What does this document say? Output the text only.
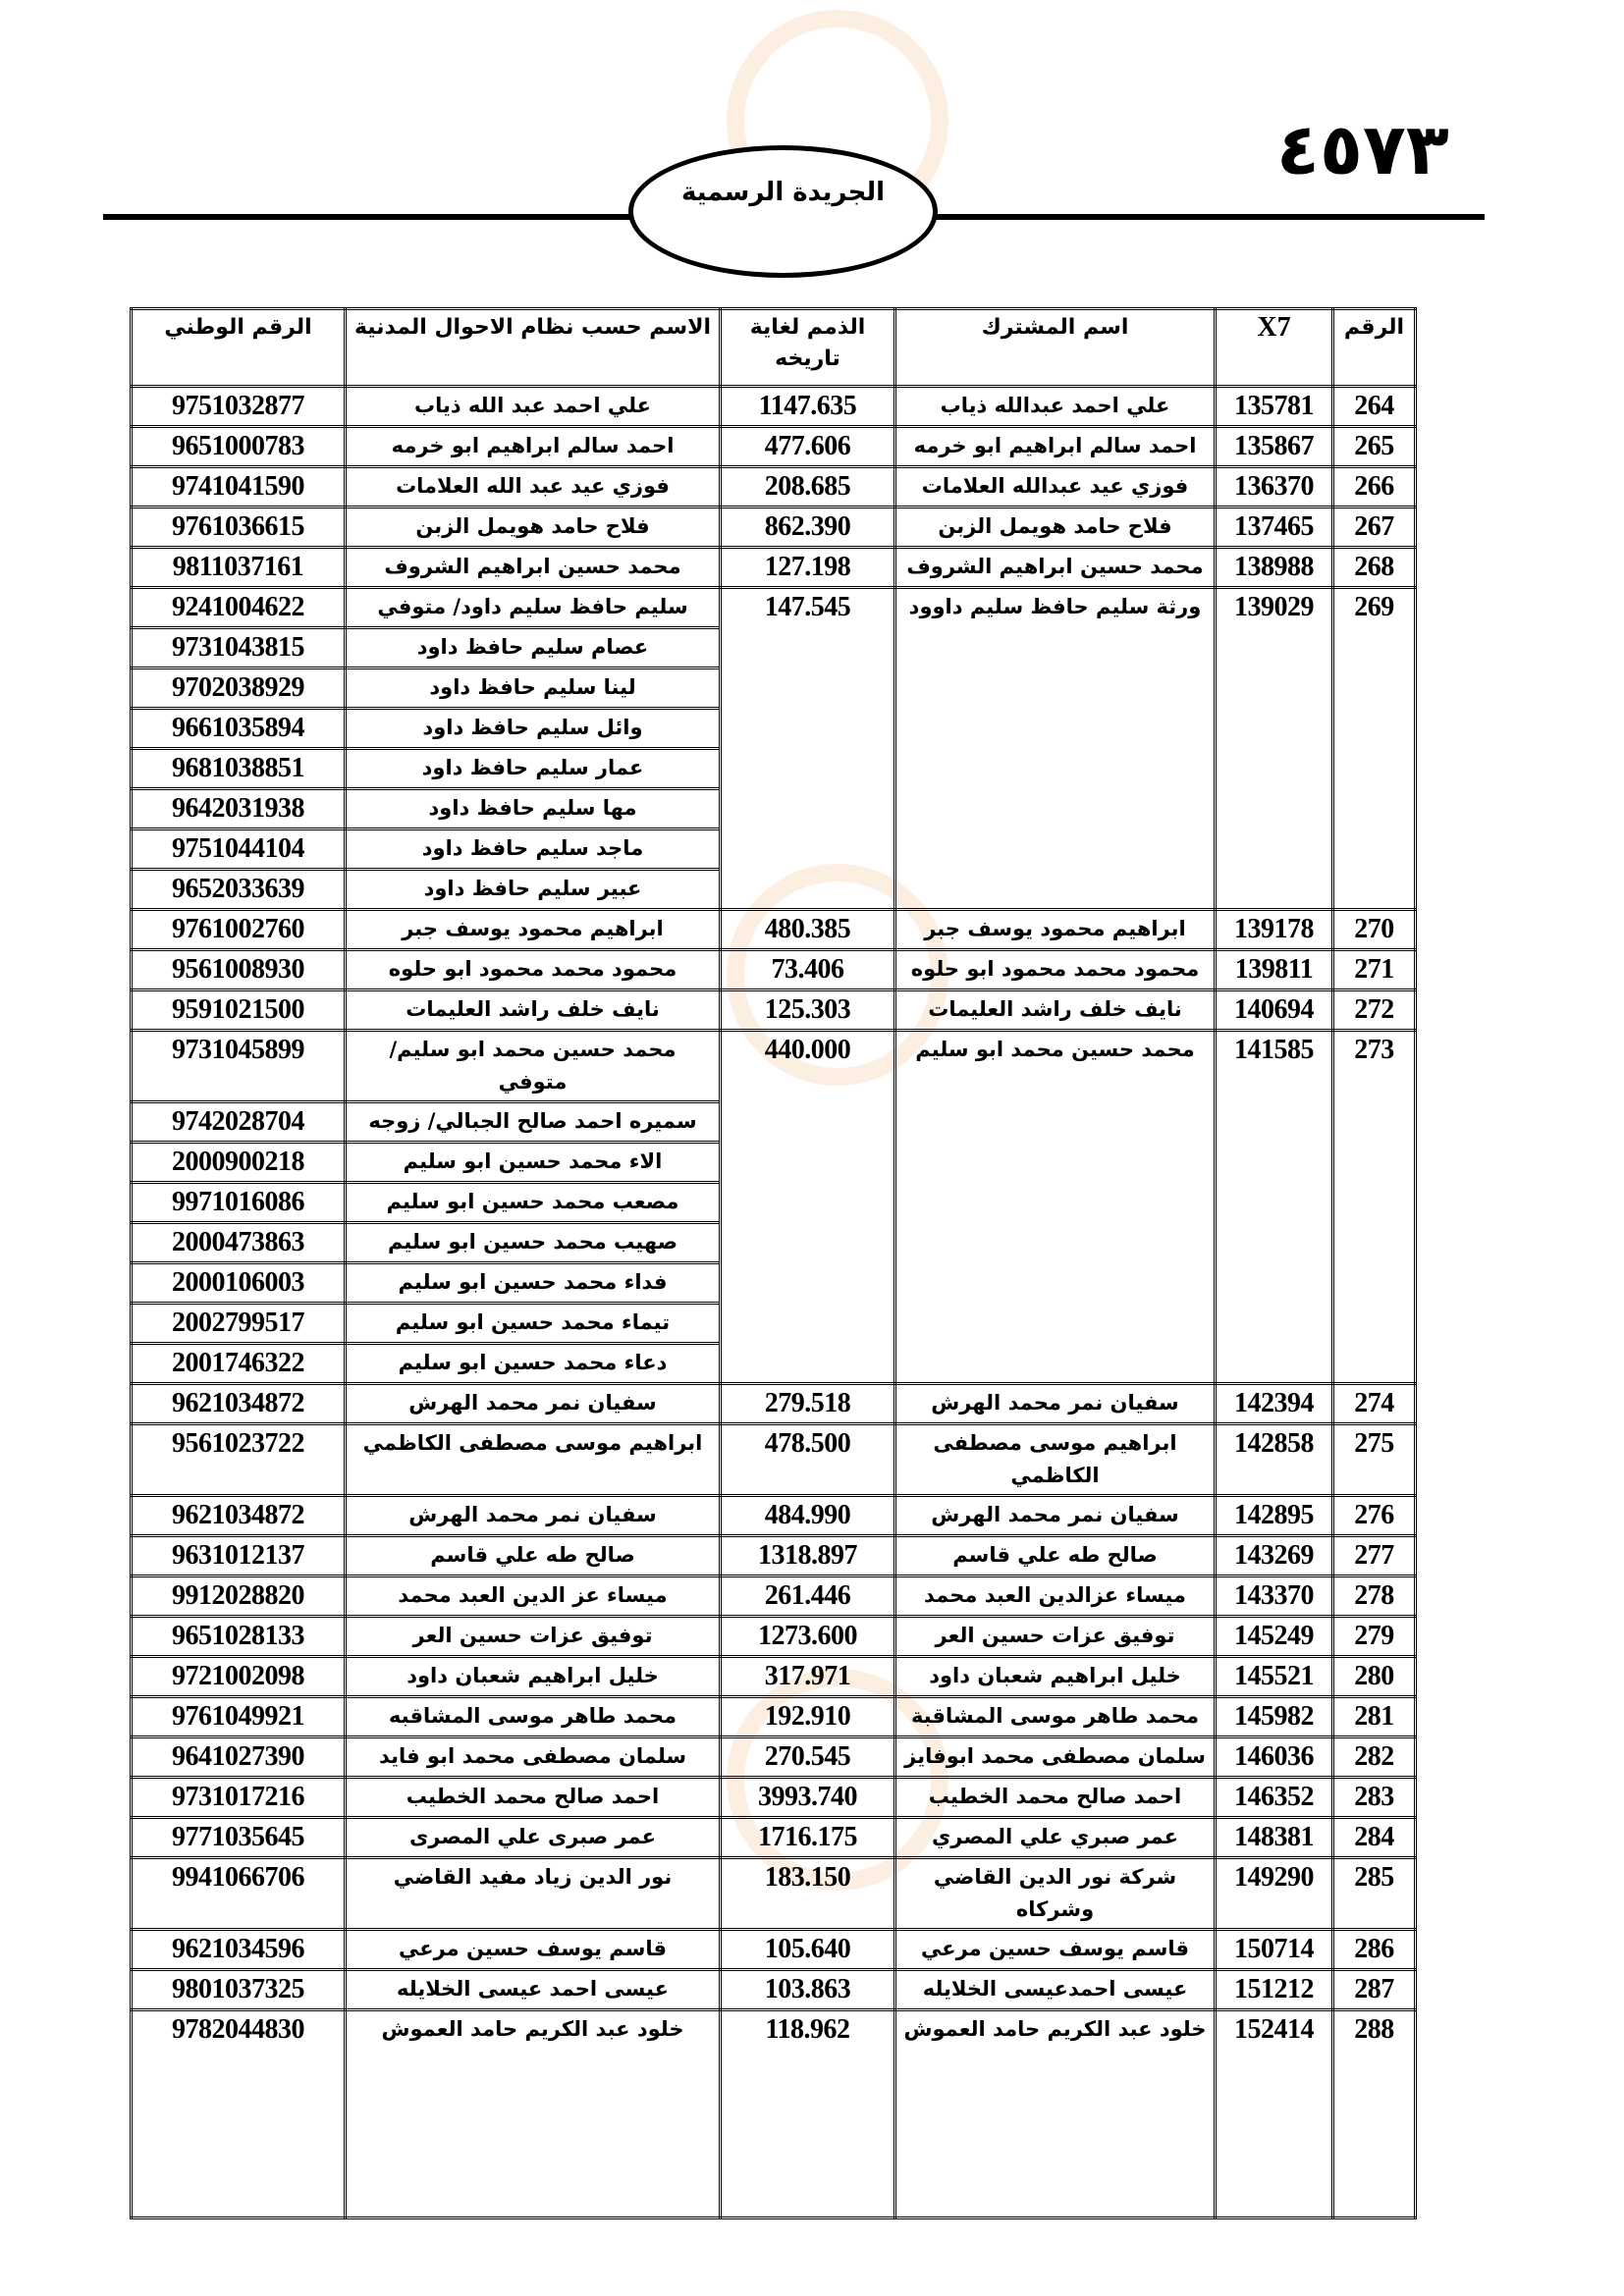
٤٥٧٣
الجريدة الرسمية
الرقم	X7	اسم المشترك	الذمم لغاية تاريخه	الاسم حسب نظام الاحوال المدنية	الرقم الوطني
264	135781	علي احمد عبدالله ذياب	1147.635	علي احمد عبد الله ذياب	9751032877
265	135867	احمد سالم ابراهيم ابو خرمه	477.606	احمد سالم ابراهيم ابو خرمه	9651000783
266	136370	فوزي عيد عبدالله العلامات	208.685	فوزي عيد عبد الله العلامات	9741041590
267	137465	فلاح حامد هويمل الزبن	862.390	فلاح حامد هويمل الزبن	9761036615
268	138988	محمد حسين ابراهيم الشروف	127.198	محمد حسين ابراهيم الشروف	9811037161
269	139029	ورثة سليم حافظ سليم داوود	147.545	سليم حافظ سليم داود/ متوفي	9241004622
				عصام سليم حافظ داود	9731043815
				لينا سليم حافظ داود	9702038929
				وائل سليم حافظ داود	9661035894
				عمار سليم حافظ داود	9681038851
				مها سليم حافظ داود	9642031938
				ماجد سليم حافظ داود	9751044104
				عبير سليم حافظ داود	9652033639
270	139178	ابراهيم محمود يوسف جبر	480.385	ابراهيم محمود يوسف جبر	9761002760
271	139811	محمود محمد محمود ابو حلوه	73.406	محمود محمد محمود ابو حلوه	9561008930
272	140694	نايف خلف راشد العليمات	125.303	نايف خلف راشد العليمات	9591021500
273	141585	محمد حسين محمد ابو سليم	440.000	محمد حسين محمد ابو سليم/ متوفي	9731045899
				سميره احمد صالح الجبالي/ زوجه	9742028704
				الاء محمد حسين ابو سليم	2000900218
				مصعب محمد حسين ابو سليم	9971016086
				صهيب محمد حسين ابو سليم	2000473863
				فداء محمد حسين ابو سليم	2000106003
				تيماء محمد حسين ابو سليم	2002799517
				دعاء محمد حسين ابو سليم	2001746322
274	142394	سفيان نمر محمد الهرش	279.518	سفيان نمر محمد الهرش	9621034872
275	142858	ابراهيم موسى مصطفى الكاظمي	478.500	ابراهيم موسى مصطفى الكاظمي	9561023722
276	142895	سفيان نمر محمد الهرش	484.990	سفيان نمر محمد الهرش	9621034872
277	143269	صالح طه علي قاسم	1318.897	صالح طه علي قاسم	9631012137
278	143370	ميساء عزالدين العبد محمد	261.446	ميساء عز الدين العبد محمد	9912028820
279	145249	توفيق عزات حسين العر	1273.600	توفيق عزات حسين العر	9651028133
280	145521	خليل ابراهيم شعبان داود	317.971	خليل ابراهيم شعبان داود	9721002098
281	145982	محمد طاهر موسى المشاقبة	192.910	محمد طاهر موسى المشاقبه	9761049921
282	146036	سلمان مصطفى محمد ابوفايز	270.545	سلمان مصطفى محمد ابو فايد	9641027390
283	146352	احمد صالح محمد الخطيب	3993.740	احمد صالح محمد الخطيب	9731017216
284	148381	عمر صبري علي المصري	1716.175	عمر صبرى علي المصرى	9771035645
285	149290	شركة نور الدين القاضي وشركاه	183.150	نور الدين زياد مفيد القاضي	9941066706
286	150714	قاسم يوسف حسين مرعي	105.640	قاسم يوسف حسين مرعي	9621034596
287	151212	عيسى احمدعيسى الخلايله	103.863	عيسى احمد عيسى الخلايله	9801037325
288	152414	خلود عبد الكريم حامد العموش	118.962	خلود عبد الكريم حامد العموش	9782044830
